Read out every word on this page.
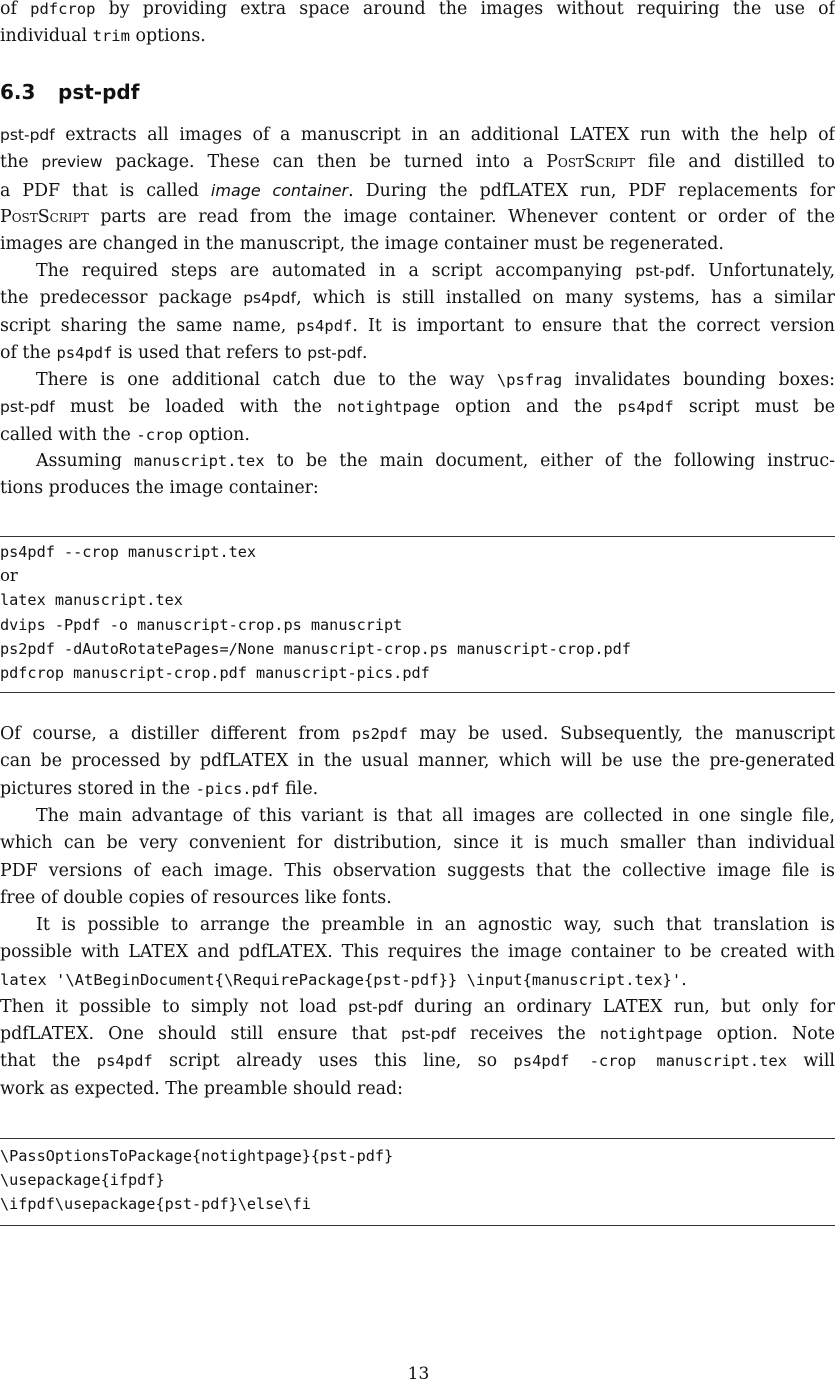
of pdfcrop by providing extra space around the images without requiring the use of
individual trim options.
6.3 pst-pdf
pst-pdf extracts all images of a manuscript in an additional LATEX run with the help of
the preview package. These can then be turned into a PostScript file and distilled to
a PDF that is called image container. During the pdfLATEX run, PDF replacements for
PostScript parts are read from the image container. Whenever content or order of the
images are changed in the manuscript, the image container must be regenerated.
The required steps are automated in a script accompanying pst-pdf. Unfortunately,
the predecessor package ps4pdf, which is still installed on many systems, has a similar
script sharing the same name, ps4pdf. It is important to ensure that the correct version
of the ps4pdf is used that refers to pst-pdf.
There is one additional catch due to the way \psfrag invalidates bounding boxes:
pst-pdf must be loaded with the notightpage option and the ps4pdf script must be
called with the -crop option.
Assuming manuscript.tex to be the main document, either of the following instruc-
tions produces the image container:
ps4pdf --crop manuscript.tex
or
latex manuscript.tex
dvips -Ppdf -o manuscript-crop.ps manuscript
ps2pdf -dAutoRotatePages=/None manuscript-crop.ps manuscript-crop.pdf
pdfcrop manuscript-crop.pdf manuscript-pics.pdf
Of course, a distiller different from ps2pdf may be used. Subsequently, the manuscript
can be processed by pdfLATEX in the usual manner, which will be use the pre-generated
pictures stored in the -pics.pdf file.
The main advantage of this variant is that all images are collected in one single file,
which can be very convenient for distribution, since it is much smaller than individual
PDF versions of each image. This observation suggests that the collective image file is
free of double copies of resources like fonts.
It is possible to arrange the preamble in an agnostic way, such that translation is
possible with LATEX and pdfLATEX. This requires the image container to be created with
latex '\AtBeginDocument{\RequirePackage{pst-pdf}} \input{manuscript.tex}'.
Then it possible to simply not load pst-pdf during an ordinary LATEX run, but only for
pdfLATEX. One should still ensure that pst-pdf receives the notightpage option. Note
that the ps4pdf script already uses this line, so ps4pdf -crop manuscript.tex will
work as expected. The preamble should read:
\PassOptionsToPackage{notightpage}{pst-pdf}
\usepackage{ifpdf}
\ifpdf\usepackage{pst-pdf}\else\fi
13
